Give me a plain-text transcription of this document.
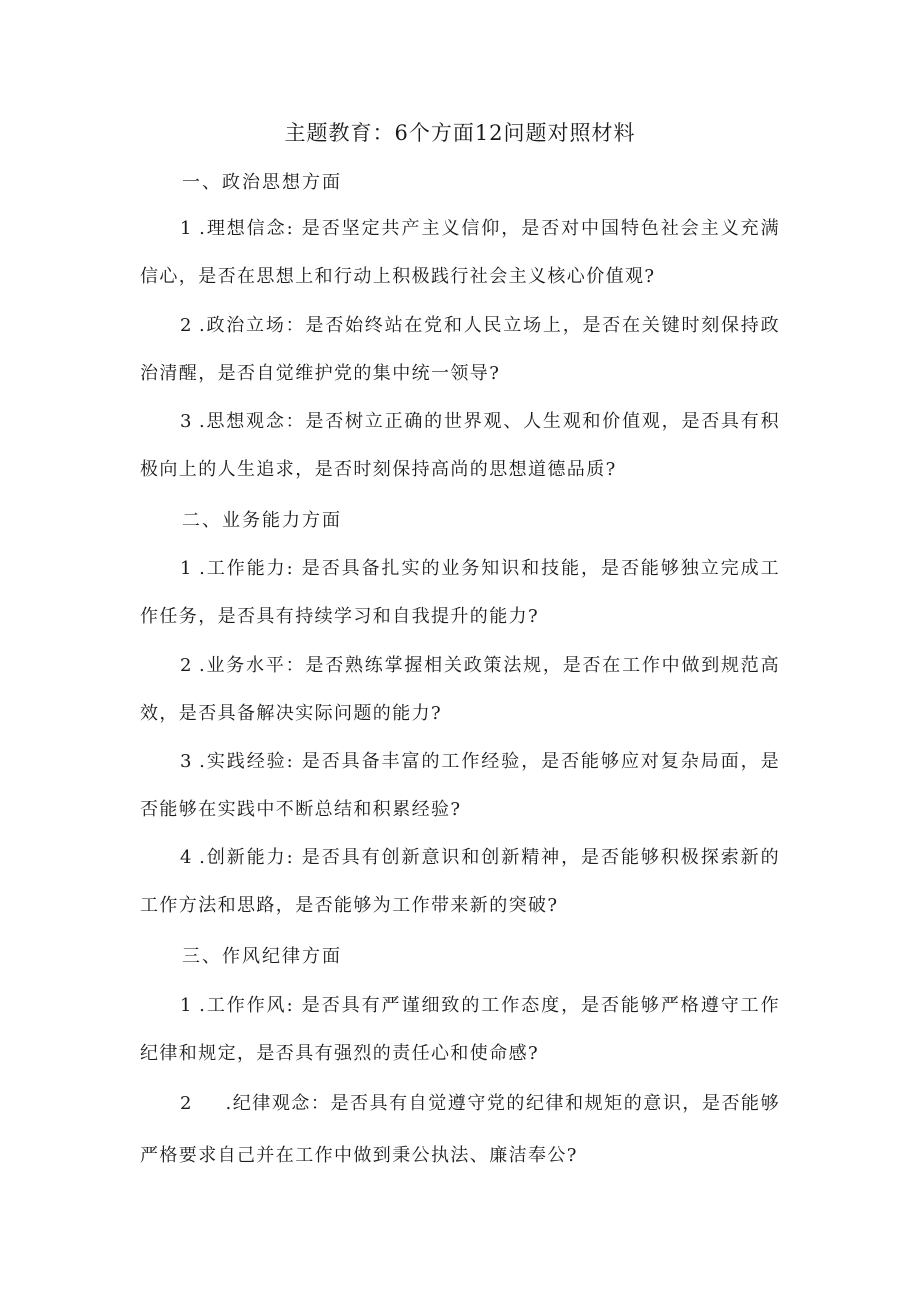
主题教育：6个方面12问题对照材料
一、政治思想方面

1 .理想信念: 是否坚定共产主义信仰，是否对中国特色社会主义充满信心，是否在思想上和行动上积极践行社会主义核心价值观?

2 .政治立场：是否始终站在党和人民立场上，是否在关键时刻保持政治清醒，是否自觉维护党的集中统一领导?

3 .思想观念：是否树立正确的世界观、人生观和价值观，是否具有积极向上的人生追求，是否时刻保持高尚的思想道德品质?

二、业务能力方面

1 .工作能力: 是否具备扎实的业务知识和技能，是否能够独立完成工作任务，是否具有持续学习和自我提升的能力?

2 .业务水平：是否熟练掌握相关政策法规，是否在工作中做到规范高效，是否具备解决实际问题的能力?

3 .实践经验: 是否具备丰富的工作经验，是否能够应对复杂局面，是否能够在实践中不断总结和积累经验?

4 .创新能力: 是否具有创新意识和创新精神，是否能够积极探索新的工作方法和思路，是否能够为工作带来新的突破?

三、作风纪律方面

1 .工作作风: 是否具有严谨细致的工作态度，是否能够严格遵守工作纪律和规定，是否具有强烈的责任心和使命感?

2 .纪律观念：是否具有自觉遵守党的纪律和规矩的意识，是否能够严格要求自己并在工作中做到秉公执法、廉洁奉公?
